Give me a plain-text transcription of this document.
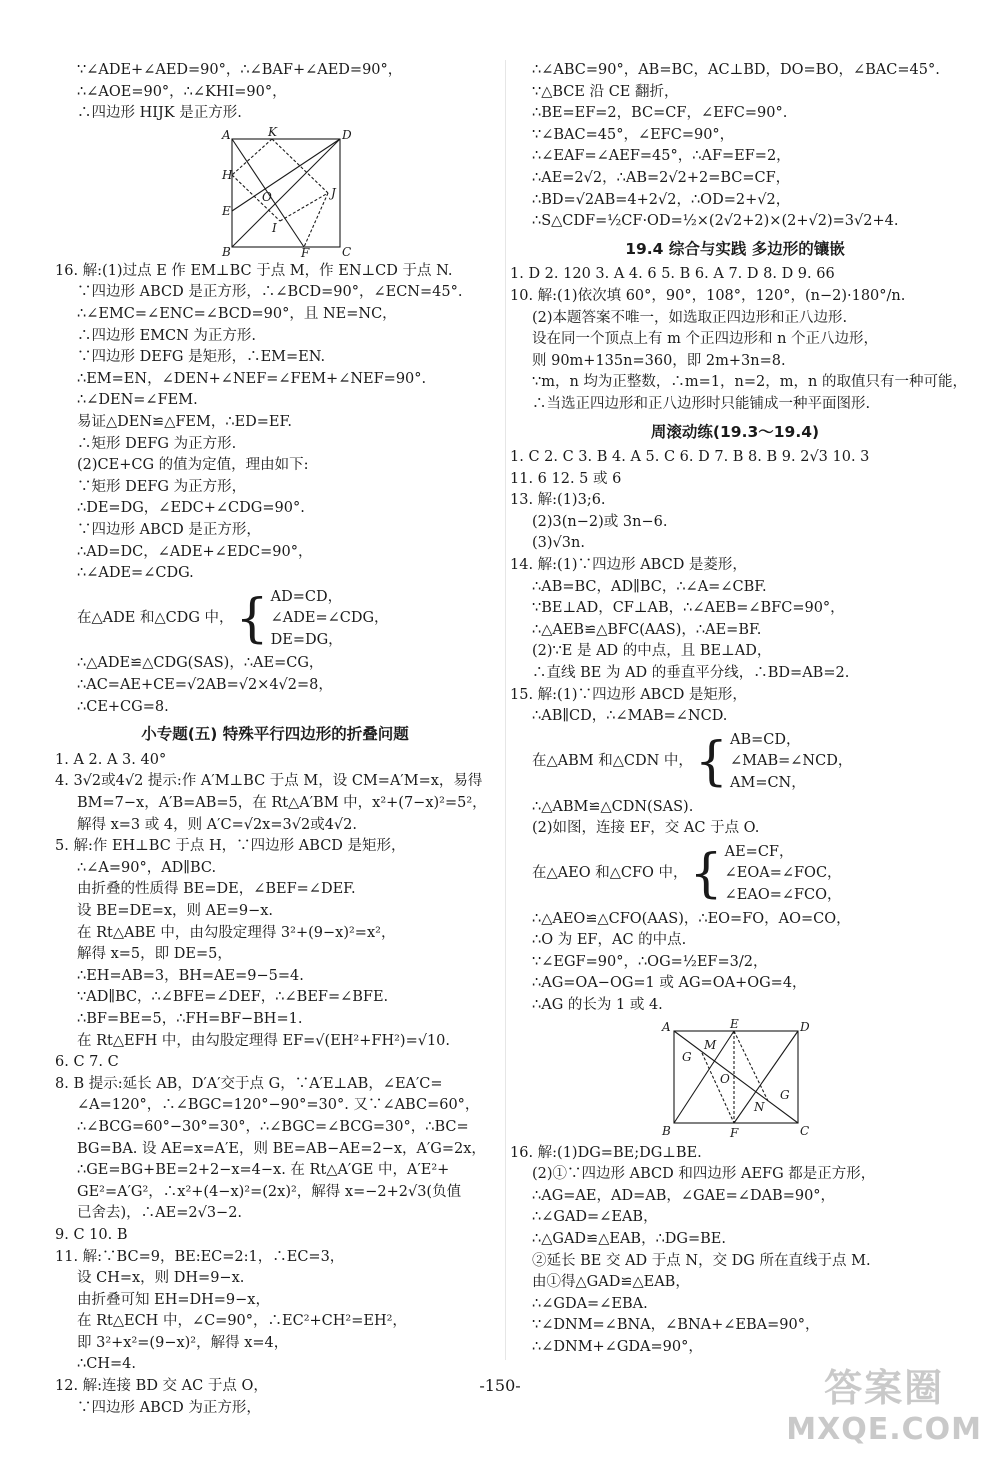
∵∠ADE+∠AED=90°，∴∠BAF+∠AED=90°，
∴∠AOE=90°，∴∠KHI=90°，
∴四边形 HIJK 是正方形.
A	K	D
H
O	J
E
I
B	F	C
16. 解:(1)过点 E 作 EM⊥BC 于点 M，作 EN⊥CD 于点 N.
∵四边形 ABCD 是正方形，∴∠BCD=90°，∠ECN=45°.
∴∠EMC=∠ENC=∠BCD=90°，且 NE=NC，
∴四边形 EMCN 为正方形.
∵四边形 DEFG 是矩形，∴EM=EN.
∴EM=EN，∠DEN+∠NEF=∠FEM+∠NEF=90°.
∴∠DEN=∠FEM.
易证△DEN≌△FEM，∴ED=EF.
∴矩形 DEFG 为正方形.
(2)CE+CG 的值为定值，理由如下:
∵矩形 DEFG 为正方形，
∴DE=DG，∠EDC+∠CDG=90°.
∵四边形 ABCD 是正方形，
∴AD=DC，∠ADE+∠EDC=90°，
∴∠ADE=∠CDG.
在△ADE 和△CDG 中， { AD=CD，
∠ADE=∠CDG，
DE=DG，
∴△ADE≌△CDG(SAS)，∴AE=CG，
∴AC=AE+CE=√2AB=√2×4√2=8，
∴CE+CG=8.
小专题(五) 特殊平行四边形的折叠问题
1. A 2. A 3. 40°
4. 3√2或4√2 提示:作 A′M⊥BC 于点 M，设 CM=A′M=x，易得
BM=7−x，A′B=AB=5，在 Rt△A′BM 中，x²+(7−x)²=5²，
解得 x=3 或 4，则 A′C=√2x=3√2或4√2.
5. 解:作 EH⊥BC 于点 H，∵四边形 ABCD 是矩形，
∴∠A=90°，AD∥BC.
由折叠的性质得 BE=DE，∠BEF=∠DEF.
设 BE=DE=x，则 AE=9−x.
在 Rt△ABE 中，由勾股定理得 3²+(9−x)²=x²，
解得 x=5，即 DE=5，
∴EH=AB=3，BH=AE=9−5=4.
∵AD∥BC，∴∠BFE=∠DEF，∴∠BEF=∠BFE.
∴BF=BE=5，∴FH=BF−BH=1.
在 Rt△EFH 中，由勾股定理得 EF=√(EH²+FH²)=√10.
6. C 7. C
8. B 提示:延长 AB，D′A′交于点 G，∵A′E⊥AB，∠EA′C=
∠A=120°，∴∠BGC=120°−90°=30°. 又∵∠ABC=60°，
∴∠BCG=60°−30°=30°，∴∠BGC=∠BCG=30°，∴BC=
BG=BA. 设 AE=x=A′E，则 BE=AB−AE=2−x，A′G=2x，
∴GE=BG+BE=2+2−x=4−x. 在 Rt△A′GE 中，A′E²+
GE²=A′G²，∴x²+(4−x)²=(2x)²，解得 x=−2+2√3(负值
已舍去)，∴AE=2√3−2.
9. C 10. B
11. 解:∵BC=9，BE:EC=2:1，∴EC=3，
设 CH=x，则 DH=9−x.
由折叠可知 EH=DH=9−x，
在 Rt△ECH 中，∠C=90°，∴EC²+CH²=EH²，
即 3²+x²=(9−x)²，解得 x=4，
∴CH=4.
12. 解:连接 BD 交 AC 于点 O，
∵四边形 ABCD 为正方形，
∴∠ABC=90°，AB=BC，AC⊥BD，DO=BO，∠BAC=45°.
∵△BCE 沿 CE 翻折，
∴BE=EF=2，BC=CF，∠EFC=90°.
∵∠BAC=45°，∠EFC=90°，
∴∠EAF=∠AEF=45°，∴AF=EF=2，
∴AE=2√2，∴AB=2√2+2=BC=CF，
∴BD=√2AB=4+2√2，∴OD=2+√2，
∴S△CDF=½CF·OD=½×(2√2+2)×(2+√2)=3√2+4.
19.4 综合与实践 多边形的镶嵌
1. D 2. 120 3. A 4. 6 5. B 6. A 7. D 8. D 9. 66
10. 解:(1)依次填 60°，90°，108°，120°，(n−2)·180°/n.
(2)本题答案不唯一，如选取正四边形和正八边形.
设在同一个顶点上有 m 个正四边形和 n 个正八边形，
则 90m+135n=360，即 2m+3n=8.
∵m，n 均为正整数，∴m=1，n=2，m，n 的取值只有一种可能，
∴当选正四边形和正八边形时只能铺成一种平面图形.
周滚动练(19.3～19.4)
1. C 2. C 3. B 4. A 5. C 6. D 7. B 8. B 9. 2√3 10. 3
11. 6 12. 5 或 6
13. 解:(1)3;6.
(2)3(n−2)或 3n−6.
(3)√3n.
14. 解:(1)∵四边形 ABCD 是菱形，
∴AB=BC，AD∥BC，∴∠A=∠CBF.
∵BE⊥AD，CF⊥AB，∴∠AEB=∠BFC=90°，
∴△AEB≌△BFC(AAS)，∴AE=BF.
(2)∵E 是 AD 的中点，且 BE⊥AD，
∴直线 BE 为 AD 的垂直平分线，∴BD=AB=2.
15. 解:(1)∵四边形 ABCD 是矩形，
∴AB∥CD，∴∠MAB=∠NCD.
在△ABM 和△CDN 中， { AB=CD，
∠MAB=∠NCD，
AM=CN，
∴△ABM≌△CDN(SAS).
(2)如图，连接 EF，交 AC 于点 O.
在△AEO 和△CFO 中， { AE=CF，
∠EOA=∠FOC，
∠EAO=∠FCO，
∴△AEO≌△CFO(AAS)，∴EO=FO，AO=CO，
∴O 为 EF，AC 的中点.
∵∠EGF=90°，∴OG=½EF=3/2，
∴AG=OA−OG=1 或 AG=OA+OG=4，
∴AG 的长为 1 或 4.
A	E	D
M
G
O
G
N
B	F	C
16. 解:(1)DG=BE;DG⊥BE.
(2)①∵四边形 ABCD 和四边形 AEFG 都是正方形，
∴AG=AE，AD=AB，∠GAE=∠DAB=90°，
∴∠GAD=∠EAB，
∴△GAD≌△EAB，∴DG=BE.
②延长 BE 交 AD 于点 N，交 DG 所在直线于点 M.
由①得△GAD≌△EAB，
∴∠GDA=∠EBA.
∵∠DNM=∠BNA，∠BNA+∠EBA=90°，
∴∠DNM+∠GDA=90°，
-150-	答案圈
MXQE.COM
